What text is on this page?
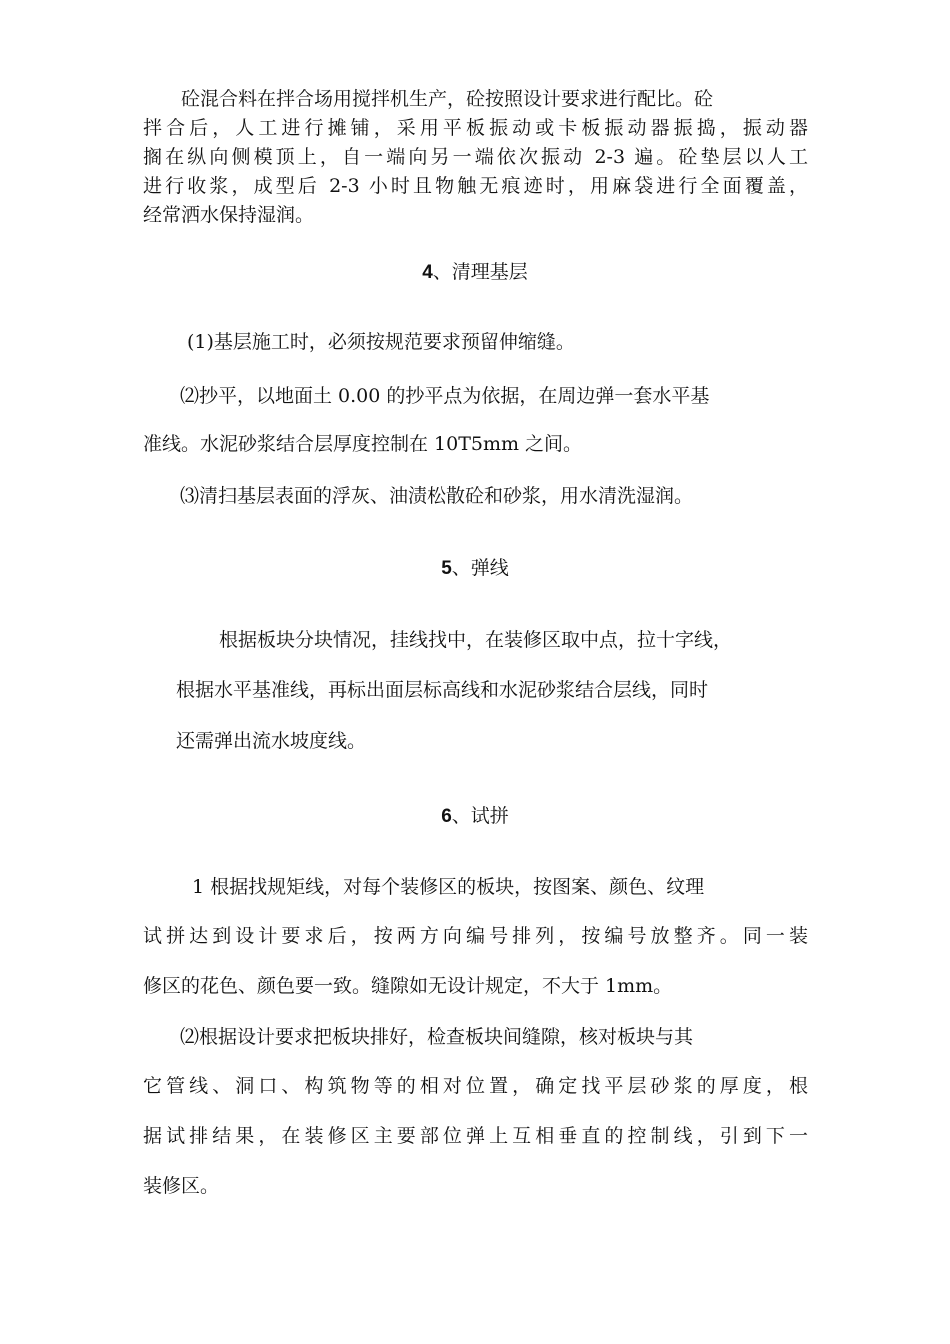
砼混合料在拌合场用搅拌机生产，砼按照设计要求进行配比。砼
拌合后，人工进行摊铺，采用平板振动或卡板振动器振捣，振动器
搁在纵向侧模顶上，自一端向另一端依次振动 2-3 遍。砼垫层以人工
进行收浆，成型后 2-3 小时且物触无痕迹时，用麻袋进行全面覆盖，
经常洒水保持湿润。
4、清理基层
(1)基层施工时，必须按规范要求预留伸缩缝。
⑵抄平，以地面土 0.00 的抄平点为依据，在周边弹一套水平基
准线。水泥砂浆结合层厚度控制在 10T5mm 之间。
⑶清扫基层表面的浮灰、油渍松散砼和砂浆，用水清洗湿润。
5、弹线
根据板块分块情况，挂线找中，在装修区取中点，拉十字线，
根据水平基准线，再标出面层标高线和水泥砂浆结合层线，同时
还需弹出流水坡度线。
6、试拼
1 根据找规矩线，对每个装修区的板块，按图案、颜色、纹理
试拼达到设计要求后，按两方向编号排列，按编号放整齐。同一装
修区的花色、颜色要一致。缝隙如无设计规定，不大于 1mm。
⑵根据设计要求把板块排好，检查板块间缝隙，核对板块与其
它管线、洞口、构筑物等的相对位置，确定找平层砂浆的厚度，根
据试排结果，在装修区主要部位弹上互相垂直的控制线，引到下一
装修区。
